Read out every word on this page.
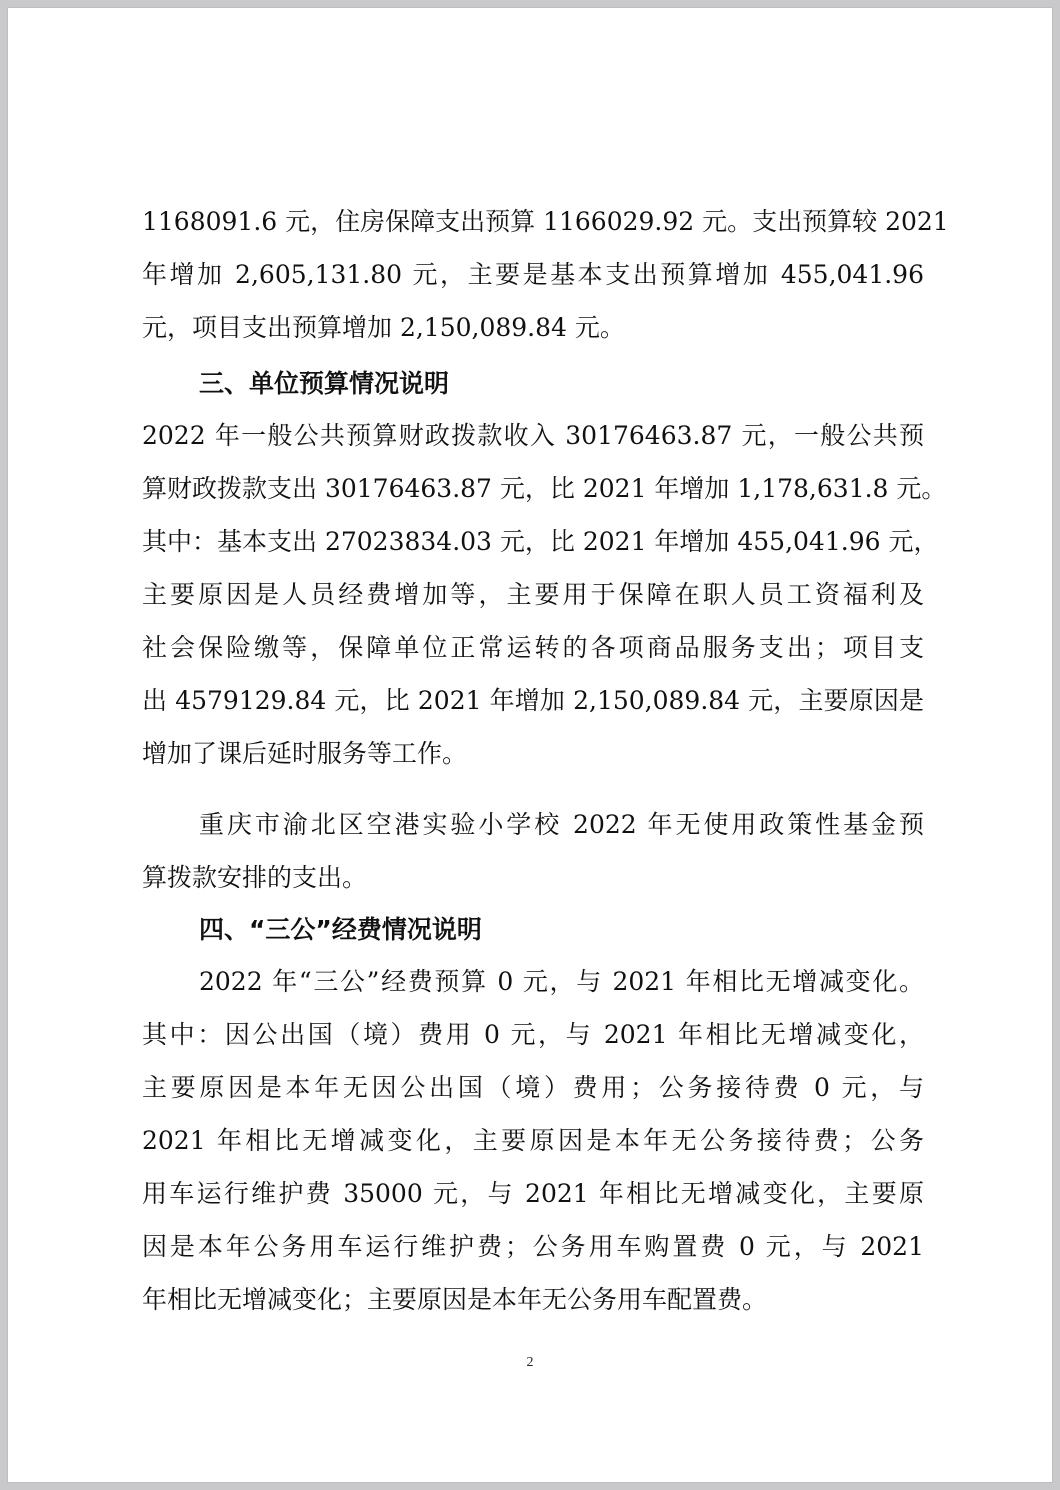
1168091.6 元，住房保障支出预算 1166029.92 元。支出预算较 2021
年增加 2,605,131.80 元，主要是基本支出预算增加 455,041.96
元，项目支出预算增加 2,150,089.84 元。
三、单位预算情况说明
2022 年一般公共预算财政拨款收入 30176463.87 元，一般公共预
算财政拨款支出 30176463.87 元，比 2021 年增加 1,178,631.8 元。
其中：基本支出 27023834.03 元，比 2021 年增加 455,041.96 元，
主要原因是人员经费增加等，主要用于保障在职人员工资福利及
社会保险缴等，保障单位正常运转的各项商品服务支出；项目支
出 4579129.84 元，比 2021 年增加 2,150,089.84 元，主要原因是
增加了课后延时服务等工作。
重庆市渝北区空港实验小学校 2022 年无使用政策性基金预
算拨款安排的支出。
四、“三公”经费情况说明
2022 年“三公”经费预算 0 元，与 2021 年相比无增减变化。
其中：因公出国（境）费用 0 元，与 2021 年相比无增减变化，
主要原因是本年无因公出国（境）费用；公务接待费 0 元，与
2021 年相比无增减变化，主要原因是本年无公务接待费；公务
用车运行维护费 35000 元，与 2021 年相比无增减变化，主要原
因是本年公务用车运行维护费；公务用车购置费 0 元，与 2021
年相比无增减变化；主要原因是本年无公务用车配置费。
2
